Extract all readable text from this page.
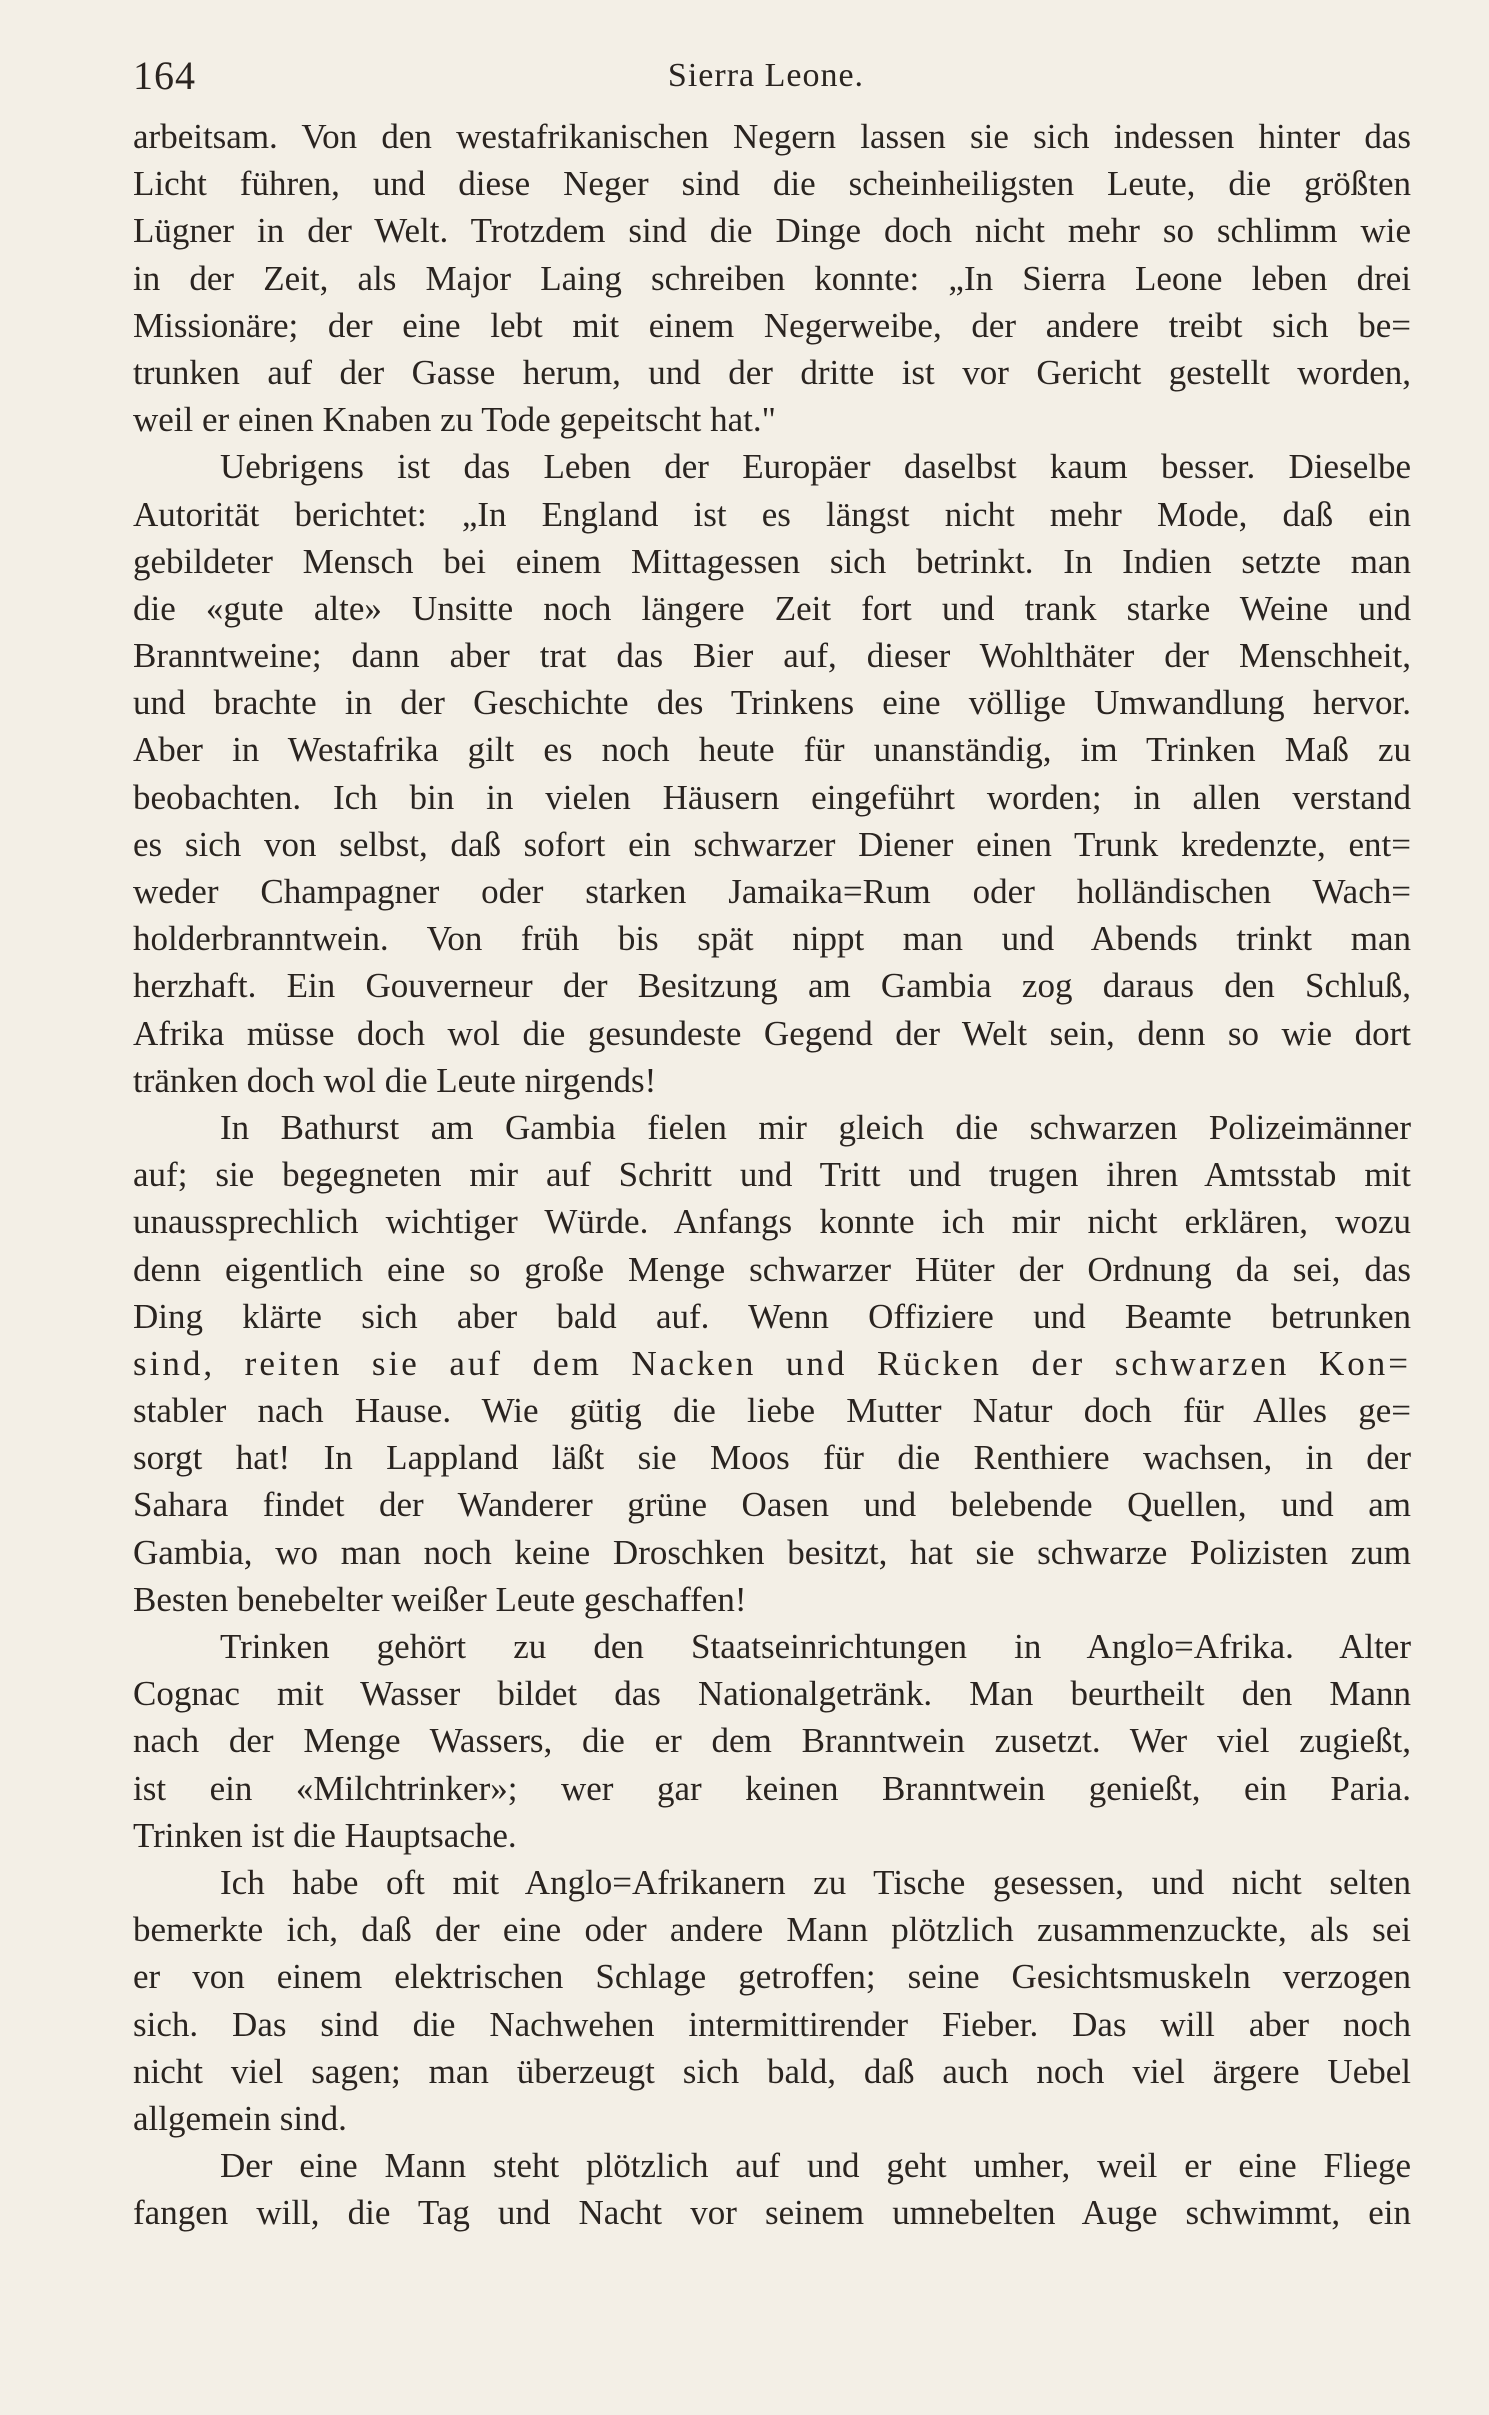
164	Sierra Leone.
arbeitsam. Von den westafrikanischen Negern lassen sie sich indessen hinter das
Licht führen, und diese Neger sind die scheinheiligsten Leute, die größten
Lügner in der Welt. Trotzdem sind die Dinge doch nicht mehr so schlimm wie
in der Zeit, als Major Laing schreiben konnte: „In Sierra Leone leben drei
Missionäre; der eine lebt mit einem Negerweibe, der andere treibt sich be=
trunken auf der Gasse herum, und der dritte ist vor Gericht gestellt worden,
weil er einen Knaben zu Tode gepeitscht hat."
Uebrigens ist das Leben der Europäer daselbst kaum besser. Dieselbe
Autorität berichtet: „In England ist es längst nicht mehr Mode, daß ein
gebildeter Mensch bei einem Mittagessen sich betrinkt. In Indien setzte man
die «gute alte» Unsitte noch längere Zeit fort und trank starke Weine und
Branntweine; dann aber trat das Bier auf, dieser Wohlthäter der Menschheit,
und brachte in der Geschichte des Trinkens eine völlige Umwandlung hervor.
Aber in Westafrika gilt es noch heute für unanständig, im Trinken Maß zu
beobachten. Ich bin in vielen Häusern eingeführt worden; in allen verstand
es sich von selbst, daß sofort ein schwarzer Diener einen Trunk kredenzte, ent=
weder Champagner oder starken Jamaika=Rum oder holländischen Wach=
holderbranntwein. Von früh bis spät nippt man und Abends trinkt man
herzhaft. Ein Gouverneur der Besitzung am Gambia zog daraus den Schluß,
Afrika müsse doch wol die gesundeste Gegend der Welt sein, denn so wie dort
tränken doch wol die Leute nirgends!
In Bathurst am Gambia fielen mir gleich die schwarzen Polizeimänner
auf; sie begegneten mir auf Schritt und Tritt und trugen ihren Amtsstab mit
unaussprechlich wichtiger Würde. Anfangs konnte ich mir nicht erklären, wozu
denn eigentlich eine so große Menge schwarzer Hüter der Ordnung da sei, das
Ding klärte sich aber bald auf. Wenn Offiziere und Beamte betrunken
sind, reiten sie auf dem Nacken und Rücken der schwarzen Kon=
stabler nach Hause. Wie gütig die liebe Mutter Natur doch für Alles ge=
sorgt hat! In Lappland läßt sie Moos für die Renthiere wachsen, in der
Sahara findet der Wanderer grüne Oasen und belebende Quellen, und am
Gambia, wo man noch keine Droschken besitzt, hat sie schwarze Polizisten zum
Besten benebelter weißer Leute geschaffen!
Trinken gehört zu den Staatseinrichtungen in Anglo=Afrika. Alter
Cognac mit Wasser bildet das Nationalgetränk. Man beurtheilt den Mann
nach der Menge Wassers, die er dem Branntwein zusetzt. Wer viel zugießt,
ist ein «Milchtrinker»; wer gar keinen Branntwein genießt, ein Paria.
Trinken ist die Hauptsache.
Ich habe oft mit Anglo=Afrikanern zu Tische gesessen, und nicht selten
bemerkte ich, daß der eine oder andere Mann plötzlich zusammenzuckte, als sei
er von einem elektrischen Schlage getroffen; seine Gesichtsmuskeln verzogen
sich. Das sind die Nachwehen intermittirender Fieber. Das will aber noch
nicht viel sagen; man überzeugt sich bald, daß auch noch viel ärgere Uebel
allgemein sind.
Der eine Mann steht plötzlich auf und geht umher, weil er eine Fliege
fangen will, die Tag und Nacht vor seinem umnebelten Auge schwimmt, ein
